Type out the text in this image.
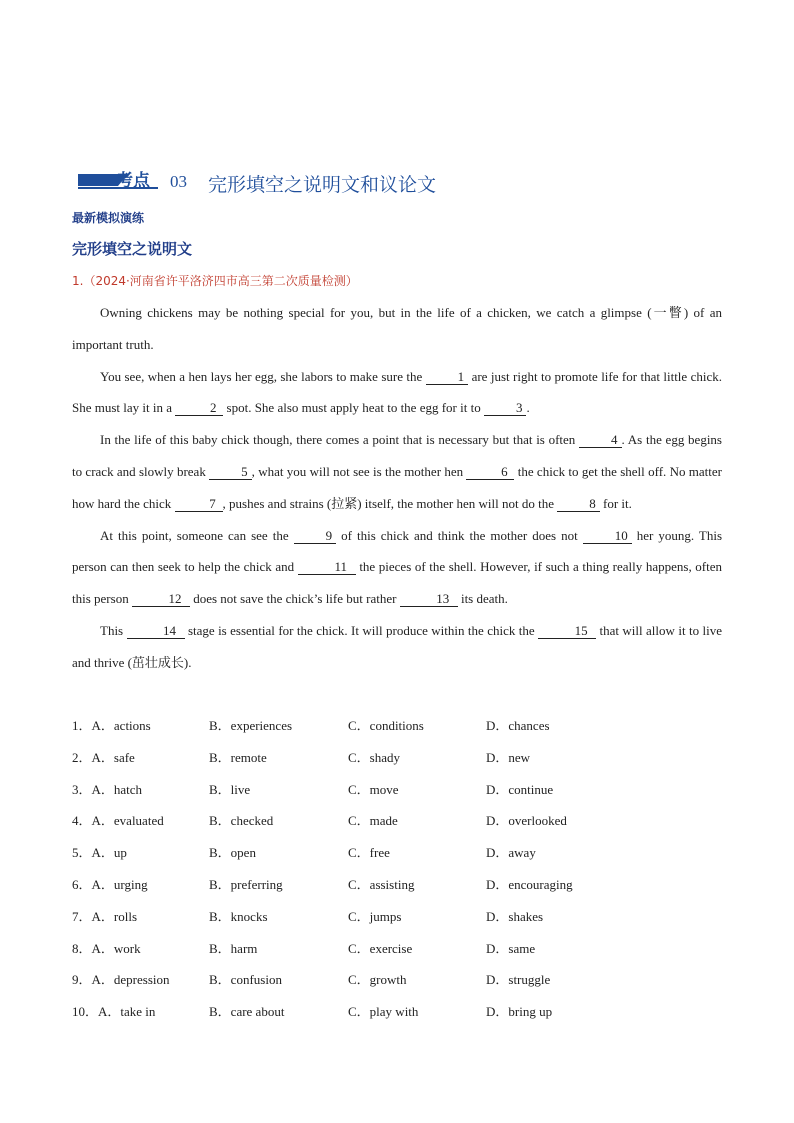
考点 03 完形填空之说明文和议论文
最新模拟演练
完形填空之说明文
1.（2024·河南省许平洛济四市高三第二次质量检测）

Owning chickens may be nothing special for you, but in the life of a chicken, we catch a glimpse (一瞥) of an important truth.

You see, when a hen lays her egg, she labors to make sure the 1 are just right to promote life for that little chick. She must lay it in a	2 spot. She also must apply heat to the egg for it to 3 .

In the life of this baby chick though, there comes a point that is necessary but that is often 4 . As the egg begins to crack and slowly break 5 , what you will not see is the mother hen	6 the chick to get the shell off. No matter how hard the chick	7 , pushes and strains (拉紧) itself, the mother hen will not do the 8 for it.

At this point, someone can see the 9 of this chick and think the mother does not 10 her young. This person can then seek to help the chick and	11 the pieces of the shell. However, if such a thing really happens, often this person	12 does not save the chick’s life but rather	13 its death.

This	14 stage is essential for the chick. It will produce within the chick the	15 that will allow it to live and thrive (茁壮成长).

1．A．actions	B．experiences	C．conditions	D．chances
2．A．safe	B．remote	C．shady	D．new
3．A．hatch	B．live	C．move	D．continue
4．A．evaluated	B．checked	C．made	D．overlooked
5．A．up	B．open	C．free	D．away
6．A．urging	B．preferring	C．assisting	D．encouraging
7．A．rolls	B．knocks	C．jumps	D．shakes
8．A．work	B．harm	C．exercise	D．same
9．A．depression	B．confusion	C．growth	D．struggle
10．A．take in	B．care about	C．play with	D．bring up
